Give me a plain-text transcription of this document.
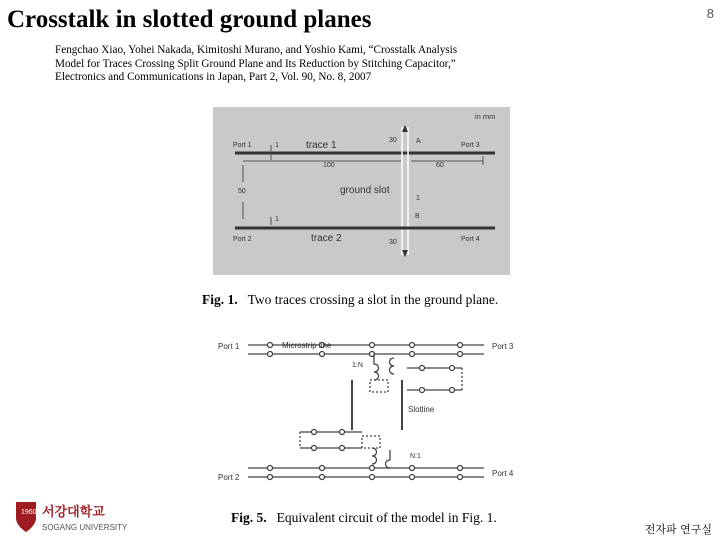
Crosstalk in slotted ground planes	8
Fengchao Xiao, Yohei Nakada, Kimitoshi Murano, and Yoshio Kami, “Crosstalk Analysis Model for Traces Crossing Split Ground Plane and Its Reduction by Stitching Capacitor,” Electronics and Communications in Japan, Part 2, Vol. 90, No. 8, 2007
in mm
Port 1	Port 3
trace 1
1
100	60
30	A
1
B
ground slot
50
Port 2	Port 4
trace 2
1
30
Fig. 1. Two traces crossing a slot in the ground plane.
Port 1	Port 3
Microstrip line
1:N
Slotline
N:1
Port 2	Port 4
Fig. 5. Equivalent circuit of the model in Fig. 1.
1960 서강대학교
SOGANG UNIVERSITY	전자파 연구실
